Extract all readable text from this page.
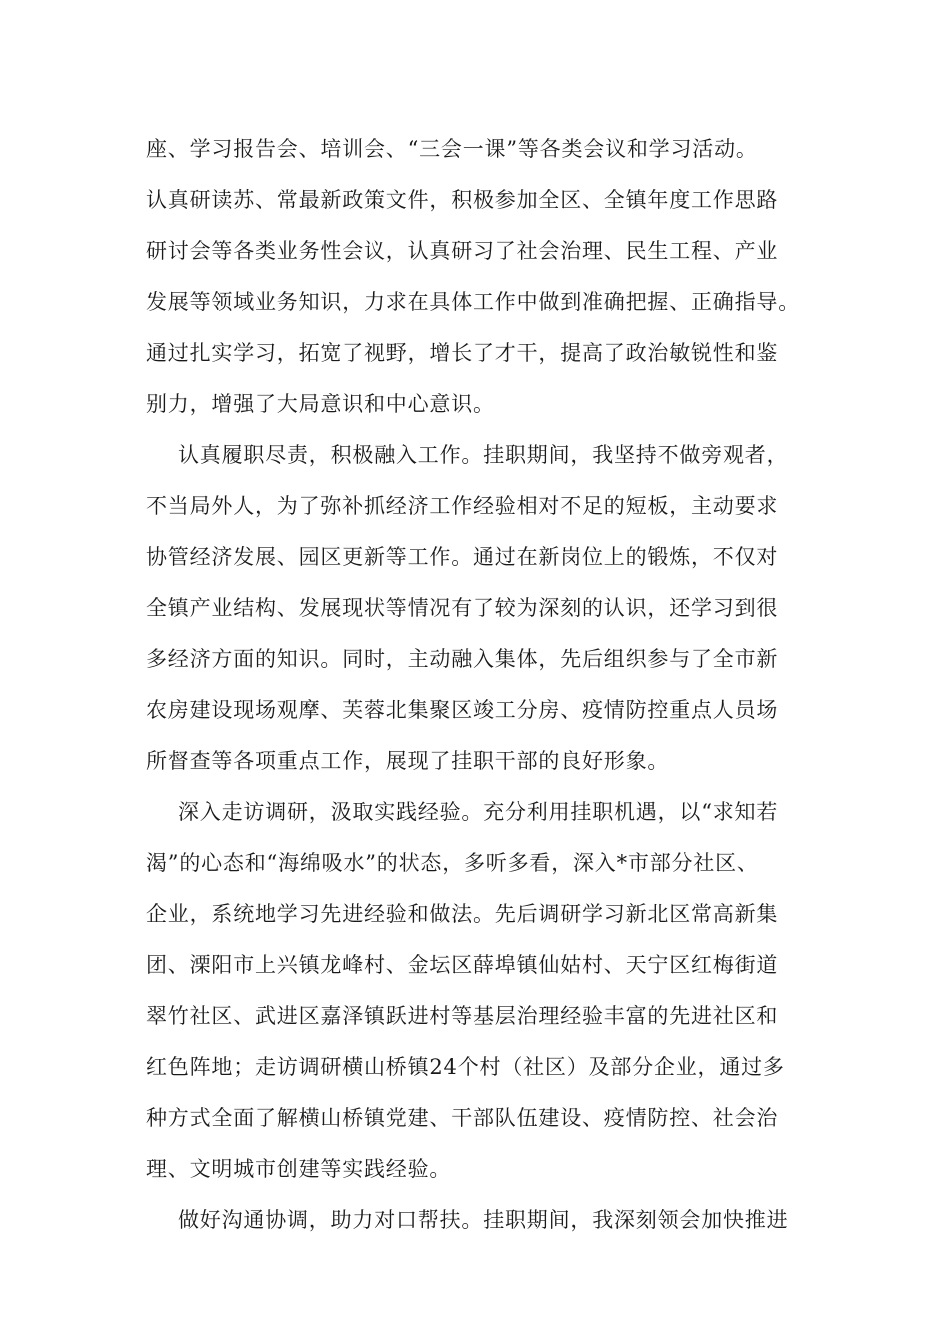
座、学习报告会、培训会、“三会一课”等各类会议和学习活动。
认真研读苏、常最新政策文件，积极参加全区、全镇年度工作思路
研讨会等各类业务性会议，认真研习了社会治理、民生工程、产业
发展等领域业务知识，力求在具体工作中做到准确把握、正确指导。
通过扎实学习，拓宽了视野，增长了才干，提高了政治敏锐性和鉴
别力，增强了大局意识和中心意识。
认真履职尽责，积极融入工作。挂职期间，我坚持不做旁观者，
不当局外人，为了弥补抓经济工作经验相对不足的短板，主动要求
协管经济发展、园区更新等工作。通过在新岗位上的锻炼，不仅对
全镇产业结构、发展现状等情况有了较为深刻的认识，还学习到很
多经济方面的知识。同时，主动融入集体，先后组织参与了全市新
农房建设现场观摩、芙蓉北集聚区竣工分房、疫情防控重点人员场
所督查等各项重点工作，展现了挂职干部的良好形象。
深入走访调研，汲取实践经验。充分利用挂职机遇，以“求知若
渴”的心态和“海绵吸水”的状态，多听多看，深入*市部分社区、
企业，系统地学习先进经验和做法。先后调研学习新北区常高新集
团、溧阳市上兴镇龙峰村、金坛区薛埠镇仙姑村、天宁区红梅街道
翠竹社区、武进区嘉泽镇跃进村等基层治理经验丰富的先进社区和
红色阵地；走访调研横山桥镇24个村（社区）及部分企业，通过多
种方式全面了解横山桥镇党建、干部队伍建设、疫情防控、社会治
理、文明城市创建等实践经验。
做好沟通协调，助力对口帮扶。挂职期间，我深刻领会加快推进
